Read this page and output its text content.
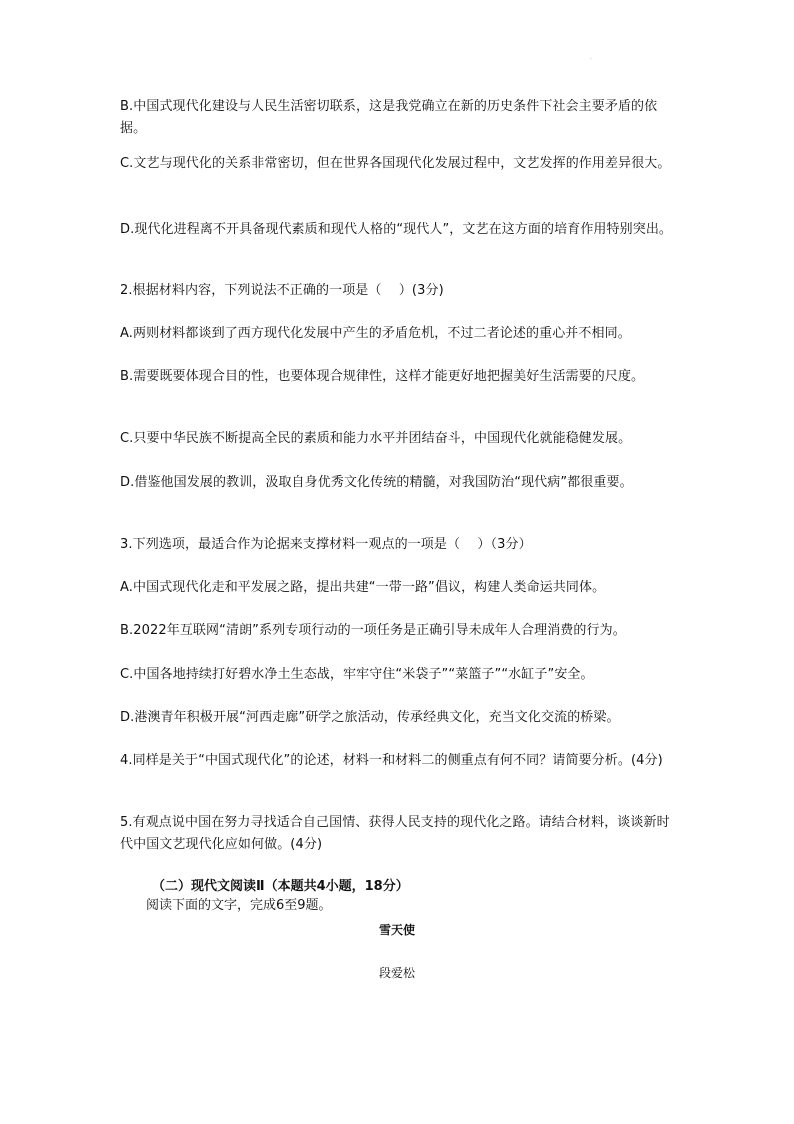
·

B.中国式现代化建设与人民生活密切联系，这是我党确立在新的历史条件下社会主要矛盾的依据。

C.文艺与现代化的关系非常密切，但在世界各国现代化发展过程中，文艺发挥的作用差异很大。

D.现代化进程离不开具备现代素质和现代人格的“现代人”，文艺在这方面的培育作用特别突出。

2.根据材料内容，下列说法不正确的一项是（　 ）(3分)

A.两则材料都谈到了西方现代化发展中产生的矛盾危机，不过二者论述的重心并不相同。

B.需要既要体现合目的性，也要体现合规律性，这样才能更好地把握美好生活需要的尺度。

C.只要中华民族不断提高全民的素质和能力水平并团结奋斗，中国现代化就能稳健发展。

D.借鉴他国发展的教训，汲取自身优秀文化传统的精髓，对我国防治“现代病”都很重要。

3.下列选项，最适合作为论据来支撑材料一观点的一项是（　 ）（3分）

A.中国式现代化走和平发展之路，提出共建“一带一路”倡议，构建人类命运共同体。

B.2022年互联网“清朗”系列专项行动的一项任务是正确引导未成年人合理消费的行为。

C.中国各地持续打好碧水净土生态战，牢牢守住“米袋子”“菜篮子”“水缸子”安全。

D.港澳青年积极开展“河西走廊”研学之旅活动，传承经典文化，充当文化交流的桥梁。

4.同样是关于“中国式现代化”的论述，材料一和材料二的侧重点有何不同？请简要分析。(4分)

5.有观点说中国在努力寻找适合自己国情、获得人民支持的现代化之路。请结合材料，谈谈新时代中国文艺现代化应如何做。(4分)

（二）现代文阅读Ⅱ（本题共4小题，18分）

阅读下面的文字，完成6至9题。

雪天使

段爱松
